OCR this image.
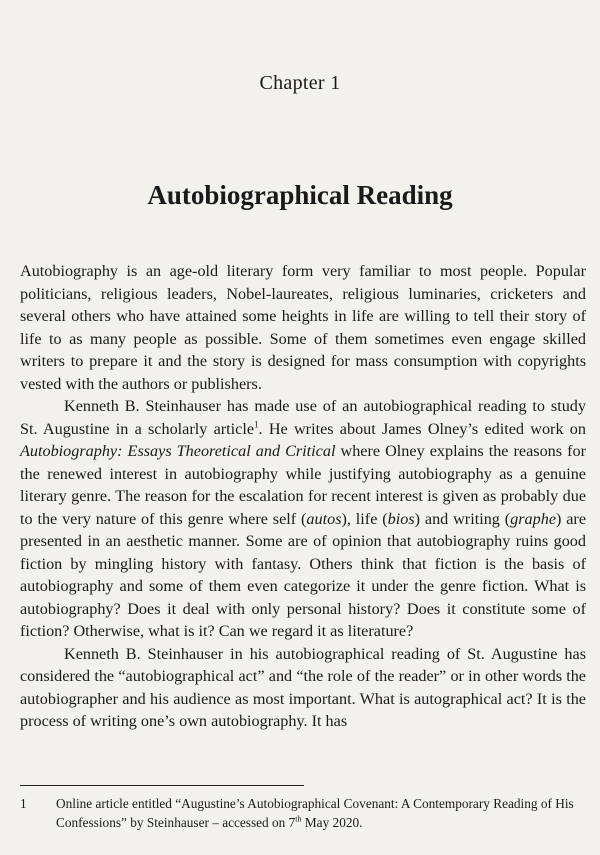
Chapter 1
Autobiographical Reading

Autobiography is an age-old literary form very familiar to most people. Popular politicians, religious leaders, Nobel-laureates, religious luminaries, cricketers and several others who have attained some heights in life are willing to tell their story of life to as many people as possible. Some of them sometimes even engage skilled writers to prepare it and the story is designed for mass consumption with copyrights vested with the authors or publishers.

Kenneth B. Steinhauser has made use of an autobiographical reading to study St. Augustine in a scholarly article$^1$. He writes about James Olney’s edited work on Autobiography: Essays Theoretical and Critical where Olney explains the reasons for the renewed interest in autobiography while justifying autobiography as a genuine literary genre. The reason for the escalation for recent interest is given as probably due to the very nature of this genre where self (autos), life (bios) and writing (graphe) are presented in an aesthetic manner. Some are of opinion that autobiography ruins good fiction by mingling history with fantasy. Others think that fiction is the basis of autobiography and some of them even categorize it under the genre fiction. What is autobiography? Does it deal with only personal history? Does it constitute some of fiction? Otherwise, what is it? Can we regard it as literature?

Kenneth B. Steinhauser in his autobiographical reading of St. Augustine has considered the “autobiographical act” and “the role of the reader” or in other words the autobiographer and his audience as most important. What is autographical act? It is the process of writing one’s own autobiography. It has

1 Online article entitled “Augustine’s Autobiographical Covenant: A Contemporary Reading of His Confessions” by Steinhauser – accessed on 7th May 2020.
